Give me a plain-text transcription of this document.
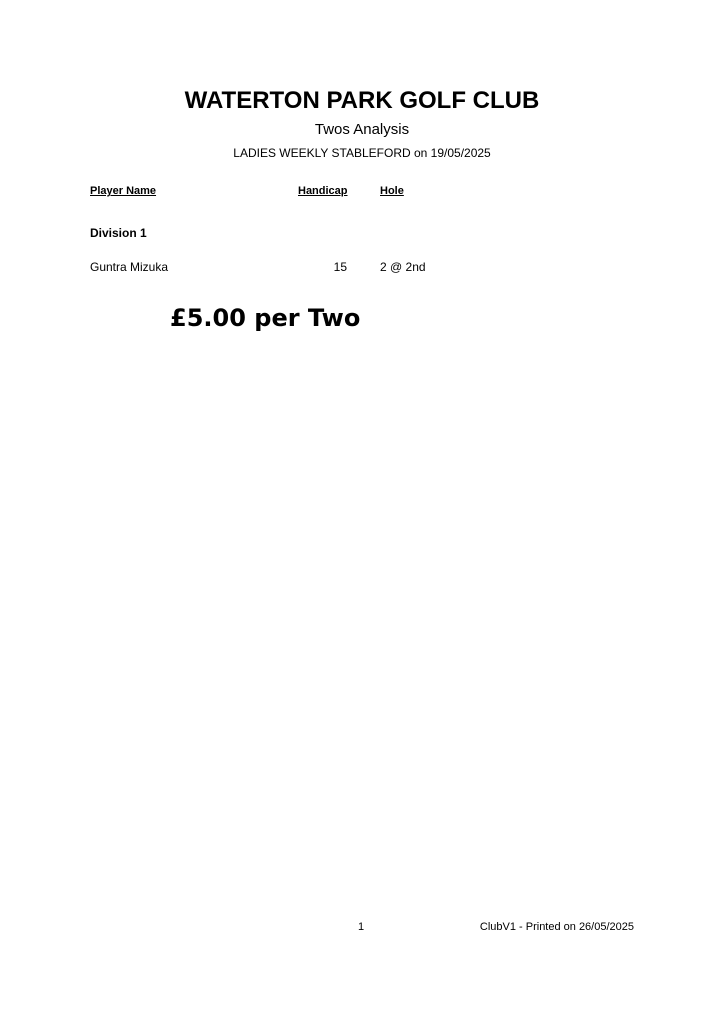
WATERTON PARK GOLF CLUB
Twos Analysis
LADIES WEEKLY STABLEFORD on 19/05/2025
Player Name	Handicap	Hole
Division 1
Guntra Mizuka	15	2 @ 2nd
£5.00 per Two
1	ClubV1 - Printed on 26/05/2025
